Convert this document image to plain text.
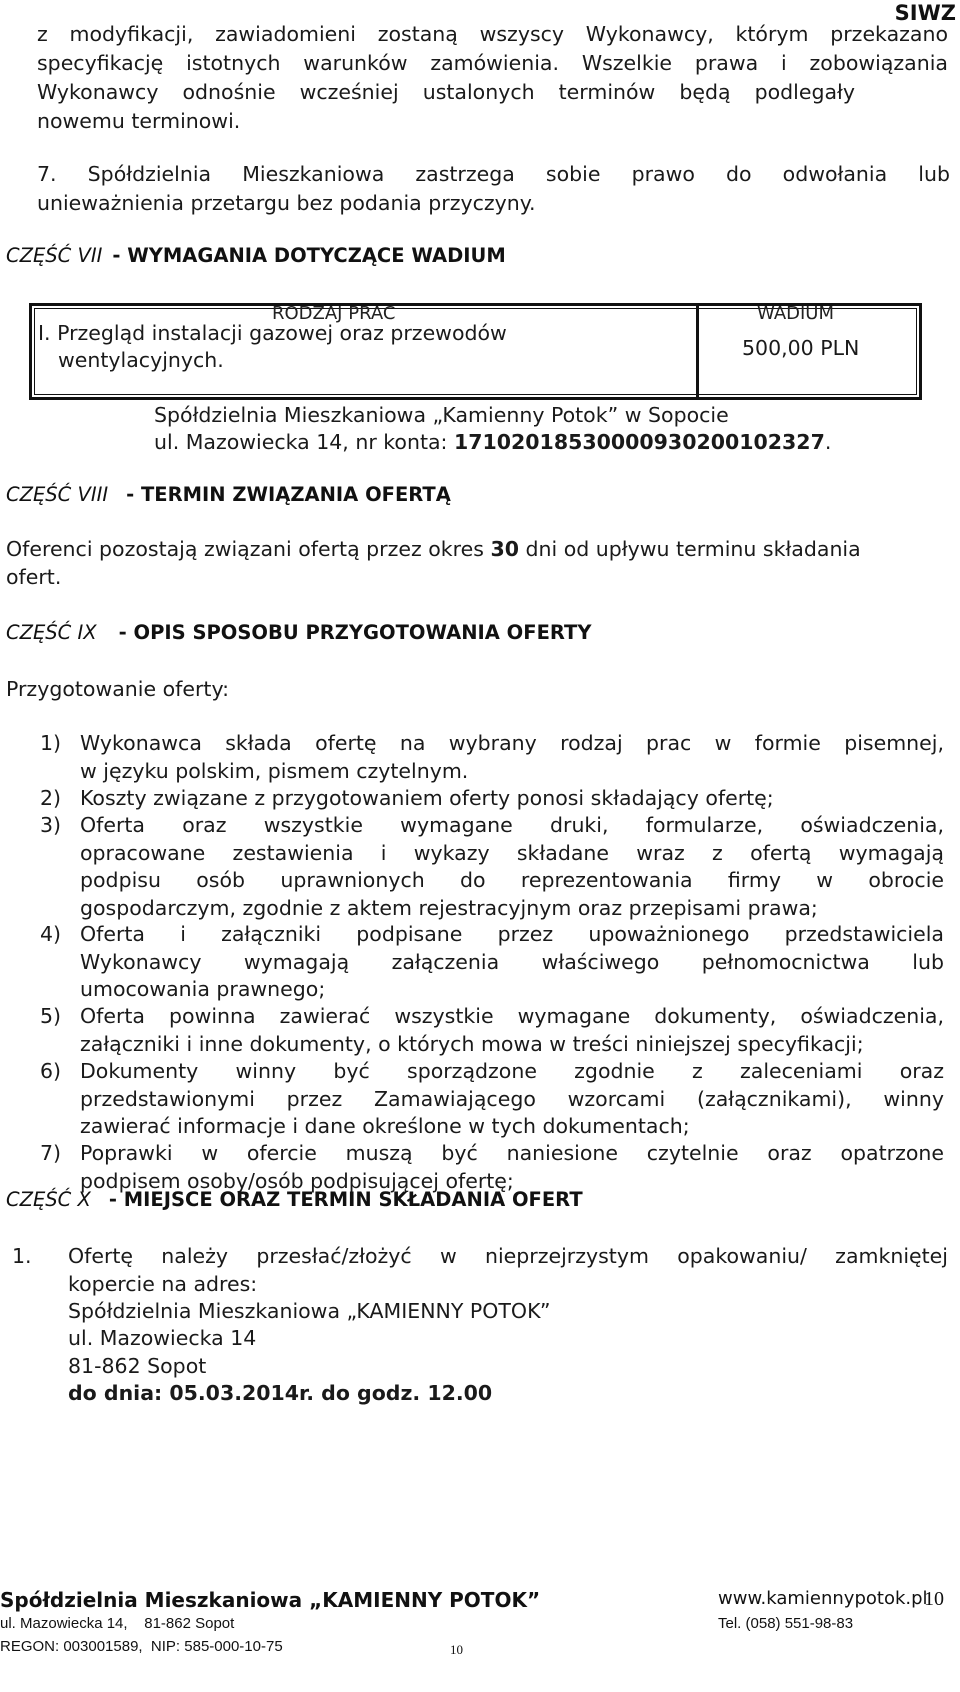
SIWZ
z modyfikacji, zawiadomieni zostaną wszyscy Wykonawcy, którym przekazano
specyfikację istotnych warunków zamówienia. Wszelkie prawa i zobowiązania
Wykonawcy odnośnie wcześniej ustalonych terminów będą podlegały
nowemu terminowi.
7. Spółdzielnia Mieszkaniowa zastrzega sobie prawo do odwołania lub
unieważnienia przetargu bez podania przyczyny.
CZĘŚĆ VII - WYMAGANIA DOTYCZĄCE WADIUM
RODZAJ PRAC	WADIUM
I. Przegląd instalacji gazowej oraz przewodów
wentylacyjnych.	500,00 PLN
Spółdzielnia Mieszkaniowa „Kamienny Potok” w Sopocie
ul. Mazowiecka 14, nr konta: 17102018530000930200102327.
CZĘŚĆ VIII - TERMIN ZWIĄZANIA OFERTĄ
Oferenci pozostają związani ofertą przez okres 30 dni od upływu terminu składania
ofert.
CZĘŚĆ IX - OPIS SPOSOBU PRZYGOTOWANIA OFERTY
Przygotowanie oferty:
1) Wykonawca składa ofertę na wybrany rodzaj prac w formie pisemnej,
w języku polskim, pismem czytelnym.
2) Koszty związane z przygotowaniem oferty ponosi składający ofertę;
3) Oferta oraz wszystkie wymagane druki, formularze, oświadczenia,
opracowane zestawienia i wykazy składane wraz z ofertą wymagają
podpisu osób uprawnionych do reprezentowania firmy w obrocie
gospodarczym, zgodnie z aktem rejestracyjnym oraz przepisami prawa;
4) Oferta i załączniki podpisane przez upoważnionego przedstawiciela
Wykonawcy wymagają załączenia właściwego pełnomocnictwa lub
umocowania prawnego;
5) Oferta powinna zawierać wszystkie wymagane dokumenty, oświadczenia,
załączniki i inne dokumenty, o których mowa w treści niniejszej specyfikacji;
6) Dokumenty winny być sporządzone zgodnie z zaleceniami oraz
przedstawionymi przez Zamawiającego wzorcami (załącznikami), winny
zawierać informacje i dane określone w tych dokumentach;
7) Poprawki w ofercie muszą być naniesione czytelnie oraz opatrzone
podpisem osoby/osób podpisującej ofertę;
CZĘŚĆ X - MIEJSCE ORAZ TERMIN SKŁADANIA OFERT
1. Ofertę należy przesłać/złożyć w nieprzejrzystym opakowaniu/ zamkniętej
kopercie na adres:
Spółdzielnia Mieszkaniowa „KAMIENNY POTOK”
ul. Mazowiecka 14
81-862 Sopot
do dnia: 05.03.2014r. do godz. 12.00
Spółdzielnia Mieszkaniowa „KAMIENNY POTOK”	www.kamiennypotok.pl
10
ul. Mazowiecka 14,    81-862 Sopot	Tel. (058) 551-98-83
REGON: 003001589,  NIP: 585-000-10-75	10
